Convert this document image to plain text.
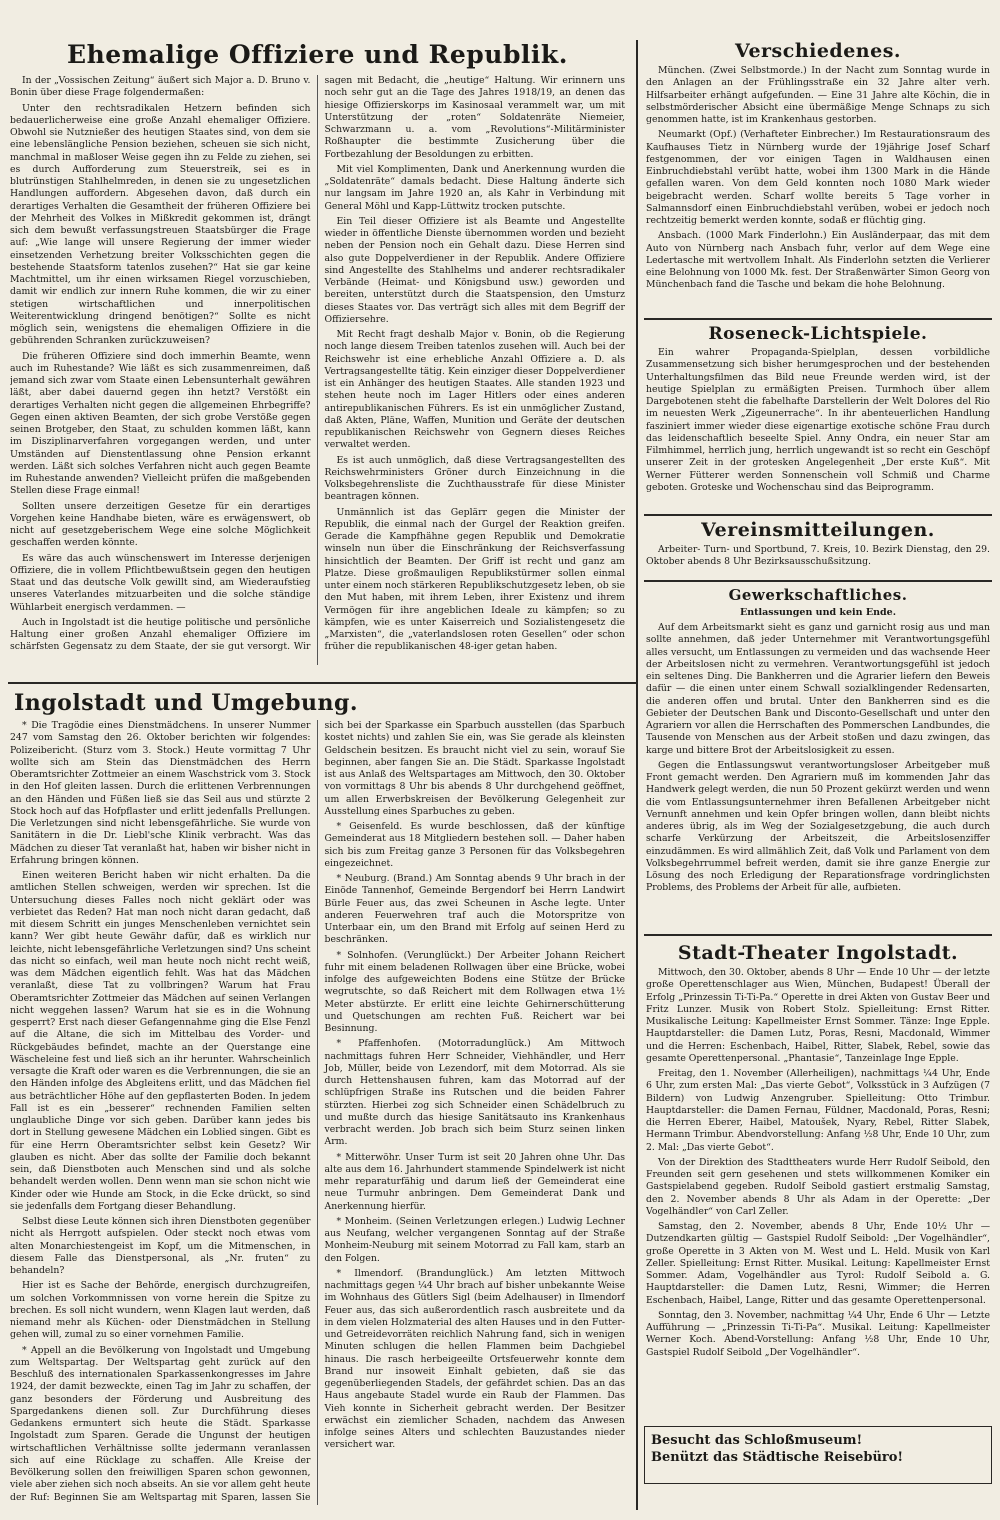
Ehemalige Offiziere und Republik.

In der „Vossischen Zeitung“ äußert sich Major a. D. Bruno v. Bonin über diese Frage folgendermaßen:

Unter den rechtsradikalen Hetzern befinden sich bedauerlicherweise eine große Anzahl ehemaliger Offiziere. Obwohl sie Nutznießer des heutigen Staates sind, von dem sie eine lebenslängliche Pension beziehen, scheuen sie sich nicht, manchmal in maßloser Weise gegen ihn zu Felde zu ziehen, sei es durch Aufforderung zum Steuerstreik, sei es in blutrünstigen Stahlhelmreden, in denen sie zu ungesetzlichen Handlungen auffordern. Abgesehen davon, daß durch ein derartiges Verhalten die Gesamtheit der früheren Offiziere bei der Mehrheit des Volkes in Mißkredit gekommen ist, drängt sich dem bewußt verfassungstreuen Staatsbürger die Frage auf: „Wie lange will unsere Regierung der immer wieder einsetzenden Verhetzung breiter Volksschichten gegen die bestehende Staatsform tatenlos zusehen?“ Hat sie gar keine Machtmittel, um ihr einen wirksamen Riegel vorzuschieben, damit wir endlich zur innern Ruhe kommen, die wir zu einer stetigen wirtschaftlichen und innerpolitischen Weiterentwicklung dringend benötigen?“ Sollte es nicht möglich sein, wenigstens die ehemaligen Offiziere in die gebührenden Schranken zurückzuweisen?

Die früheren Offiziere sind doch immerhin Beamte, wenn auch im Ruhestande? Wie läßt es sich zusammenreimen, daß jemand sich zwar vom Staate einen Lebensunterhalt gewähren läßt, aber dabei dauernd gegen ihn hetzt? Verstößt ein derartiges Verhalten nicht gegen die allgemeinen Ehrbegriffe? Gegen einen aktiven Beamten, der sich grobe Verstöße gegen seinen Brotgeber, den Staat, zu schulden kommen läßt, kann im Disziplinarverfahren vorgegangen werden, und unter Umständen auf Dienstentlassung ohne Pension erkannt werden. Läßt sich solches Verfahren nicht auch gegen Beamte im Ruhestande anwenden? Vielleicht prüfen die maßgebenden Stellen diese Frage einmal!

Sollten unsere derzeitigen Gesetze für ein derartiges Vorgehen keine Handhabe bieten, wäre es erwägenswert, ob nicht auf gesetzgeberischem Wege eine solche Möglichkeit geschaffen werden könnte.

Es wäre das auch wünschenswert im Interesse derjenigen Offiziere, die in vollem Pflichtbewußtsein gegen den heutigen Staat und das deutsche Volk gewillt sind, am Wiederaufstieg unseres Vaterlandes mitzuarbeiten und die solche ständige Wühlarbeit energisch verdammen. —

Auch in Ingolstadt ist die heutige politische und persönliche Haltung einer großen Anzahl ehemaliger Offiziere im schärfsten Gegensatz zu dem Staate, der sie gut versorgt. Wir sagen mit Bedacht, die „heutige“ Haltung. Wir erinnern uns noch sehr gut an die Tage des Jahres 1918/19, an denen das hiesige Offizierskorps im Kasinosaal verammelt war, um mit Unterstützung der „roten“ Soldatenräte Niemeier, Schwarzmann u. a. vom „Revolutions“-Militärminister Roßhaupter die bestimmte Zusicherung über die Fortbezahlung der Besoldungen zu erbitten.

Mit viel Komplimenten, Dank und Anerkennung wurden die „Soldatenräte“ damals bedacht. Diese Haltung änderte sich nur langsam im Jahre 1920 an, als Kahr in Verbindung mit General Möhl und Kapp-Lüttwitz trocken putschte.

Ein Teil dieser Offiziere ist als Beamte und Angestellte wieder in öffentliche Dienste übernommen worden und bezieht neben der Pension noch ein Gehalt dazu. Diese Herren sind also gute Doppelverdiener in der Republik. Andere Offiziere sind Angestellte des Stahlhelms und anderer rechtsradikaler Verbände (Heimat- und Königsbund usw.) geworden und bereiten, unterstützt durch die Staatspension, den Umsturz dieses Staates vor. Das verträgt sich alles mit dem Begriff der Offiziersehre.

Mit Recht fragt deshalb Major v. Bonin, ob die Regierung noch lange diesem Treiben tatenlos zusehen will. Auch bei der Reichswehr ist eine erhebliche Anzahl Offiziere a. D. als Vertragsangestellte tätig. Kein einziger dieser Doppelverdiener ist ein Anhänger des heutigen Staates. Alle standen 1923 und stehen heute noch im Lager Hitlers oder eines anderen antirepublikanischen Führers. Es ist ein unmöglicher Zustand, daß Akten, Pläne, Waffen, Munition und Geräte der deutschen republikanischen Reichswehr von Gegnern dieses Reiches verwaltet werden.

Es ist auch unmöglich, daß diese Vertragsangestellten des Reichswehrministers Gröner durch Einzeichnung in die Volksbegehrensliste die Zuchthausstrafe für diese Minister beantragen können.

Unmännlich ist das Geplärr gegen die Minister der Republik, die einmal nach der Gurgel der Reaktion greifen. Gerade die Kampfhähne gegen Republik und Demokratie winseln nun über die Einschränkung der Reichsverfassung hinsichtlich der Beamten. Der Griff ist recht und ganz am Platze. Diese großmauligen Republikstürmer sollen einmal unter einem noch stärkeren Republikschutzgesetz leben, ob sie den Mut haben, mit ihrem Leben, ihrer Existenz und ihrem Vermögen für ihre angeblichen Ideale zu kämpfen; so zu kämpfen, wie es unter Kaiserreich und Sozialistengesetz die „Marxisten“, die „vaterlandslosen roten Gesellen“ oder schon früher die republikanischen 48-iger getan haben.

Ingolstadt und Umgebung.

* Die Tragödie eines Dienstmädchens. In unserer Nummer 247 vom Samstag den 26. Oktober berichten wir folgendes: Polizeibericht. (Sturz vom 3. Stock.) Heute vormittag 7 Uhr wollte sich am Stein das Dienstmädchen des Herrn Oberamtsrichter Zottmeier an einem Waschstrick vom 3. Stock in den Hof gleiten lassen. Durch die erlittenen Verbrennungen an den Händen und Füßen ließ sie das Seil aus und stürzte 2 Stock hoch auf das Hofpflaster und erlitt jedenfalls Prellungen. Die Verletzungen sind nicht lebensgefährliche. Sie wurde von Sanitätern in die Dr. Liebl'sche Klinik verbracht. Was das Mädchen zu dieser Tat veranlaßt hat, haben wir bisher nicht in Erfahrung bringen können.

Einen weiteren Bericht haben wir nicht erhalten. Da die amtlichen Stellen schweigen, werden wir sprechen. Ist die Untersuchung dieses Falles noch nicht geklärt oder was verbietet das Reden? Hat man noch nicht daran gedacht, daß mit diesem Schritt ein junges Menschenleben vernichtet sein kann? Wer gibt heute Gewähr dafür, daß es wirklich nur leichte, nicht lebensgefährliche Verletzungen sind? Uns scheint das nicht so einfach, weil man heute noch nicht recht weiß, was dem Mädchen eigentlich fehlt. Was hat das Mädchen veranlaßt, diese Tat zu vollbringen? Warum hat Frau Oberamtsrichter Zottmeier das Mädchen auf seinen Verlangen nicht weggehen lassen? Warum hat sie es in die Wohnung gesperrt? Erst nach dieser Gefangennahme ging die Else Fenzl auf die Altane, die sich im Mittelbau des Vorder- und Rückgebäudes befindet, machte an der Querstange eine Wäscheleine fest und ließ sich an ihr herunter. Wahrscheinlich versagte die Kraft oder waren es die Verbrennungen, die sie an den Händen infolge des Abgleitens erlitt, und das Mädchen fiel aus beträchtlicher Höhe auf den gepflasterten Boden. In jedem Fall ist es ein „besserer“ rechnenden Familien selten unglaubliche Dinge vor sich geben. Darüber kann jedes bis dort in Stellung gewesene Mädchen ein Loblied singen. Gibt es für eine Herrn Oberamtsrichter selbst kein Gesetz? Wir glauben es nicht. Aber das sollte der Familie doch bekannt sein, daß Dienstboten auch Menschen sind und als solche behandelt werden wollen. Denn wenn man sie schon nicht wie Kinder oder wie Hunde am Stock, in die Ecke drückt, so sind sie jedenfalls dem Fortgang dieser Behandlung.

Selbst diese Leute können sich ihren Dienstboten gegenüber nicht als Herrgott aufspielen. Oder steckt noch etwas vom alten Monarchiestengeist im Kopf, um die Mitmenschen, in diesem Falle das Dienstpersonal, als „Nr. fruten“ zu behandeln?

Hier ist es Sache der Behörde, energisch durchzugreifen, um solchen Vorkommnissen von vorne herein die Spitze zu brechen. Es soll nicht wundern, wenn Klagen laut werden, daß niemand mehr als Küchen- oder Dienstmädchen in Stellung gehen will, zumal zu so einer vornehmen Familie.

* Appell an die Bevölkerung von Ingolstadt und Umgebung zum Weltspartag. Der Weltspartag geht zurück auf den Beschluß des internationalen Sparkassenkongresses im Jahre 1924, der damit bezweckte, einen Tag im Jahr zu schaffen, der ganz besonders der Förderung und Ausbreitung des Spargedankens dienen soll. Zur Durchführung dieses Gedankens ermuntert sich heute die Städt. Sparkasse Ingolstadt zum Sparen. Gerade die Ungunst der heutigen wirtschaftlichen Verhältnisse sollte jedermann veranlassen sich auf eine Rücklage zu schaffen. Alle Kreise der Bevölkerung sollen den freiwilligen Sparen schon gewonnen, viele aber ziehen sich noch abseits. An sie vor allem geht heute der Ruf: Beginnen Sie am Weltspartag mit Sparen, lassen Sie sich bei der Sparkasse ein Sparbuch ausstellen (das Sparbuch kostet nichts) und zahlen Sie ein, was Sie gerade als kleinsten Geldschein besitzen. Es braucht nicht viel zu sein, worauf Sie beginnen, aber fangen Sie an. Die Städt. Sparkasse Ingolstadt ist aus Anlaß des Weltspartages am Mittwoch, den 30. Oktober von vormittags 8 Uhr bis abends 8 Uhr durchgehend geöffnet, um allen Erwerbskreisen der Bevölkerung Gelegenheit zur Ausstellung eines Sparbuches zu geben.

* Geisenfeld. Es wurde beschlossen, daß der künftige Gemeinderat aus 18 Mitgliedern bestehen soll. — Daher haben sich bis zum Freitag ganze 3 Personen für das Volksbegehren eingezeichnet.

* Neuburg. (Brand.) Am Sonntag abends 9 Uhr brach in der Einöde Tannenhof, Gemeinde Bergendorf bei Herrn Landwirt Bürle Feuer aus, das zwei Scheunen in Asche legte. Unter anderen Feuerwehren traf auch die Motorspritze von Unterbaar ein, um den Brand mit Erfolg auf seinen Herd zu beschränken.

* Solnhofen. (Verunglückt.) Der Arbeiter Johann Reichert fuhr mit einem beladenen Rollwagen über eine Brücke, wobei infolge des aufgeweichten Bodens eine Stütze der Brücke wegrutschte, so daß Reichert mit dem Rollwagen etwa 1½ Meter abstürzte. Er erlitt eine leichte Gehirnerschütterung und Quetschungen am rechten Fuß. Reichert war bei Besinnung.

* Pfaffenhofen. (Motorradunglück.) Am Mittwoch nachmittags fuhren Herr Schneider, Viehhändler, und Herr Job, Müller, beide von Lezendorf, mit dem Motorrad. Als sie durch Hettenshausen fuhren, kam das Motorrad auf der schlüpfrigen Straße ins Rutschen und die beiden Fahrer stürzten. Hierbei zog sich Schneider einen Schädelbruch zu und mußte durch das hiesige Sanitätsauto ins Krankenhaus verbracht werden. Job brach sich beim Sturz seinen linken Arm.

* Mitterwöhr. Unser Turm ist seit 20 Jahren ohne Uhr. Das alte aus dem 16. Jahrhundert stammende Spindelwerk ist nicht mehr reparaturfähig und darum ließ der Gemeinderat eine neue Turmuhr anbringen. Dem Gemeinderat Dank und Anerkennung hierfür.

* Monheim. (Seinen Verletzungen erlegen.) Ludwig Lechner aus Neufang, welcher vergangenen Sonntag auf der Straße Monheim-Neuburg mit seinem Motorrad zu Fall kam, starb an den Folgen.

* Ilmendorf. (Brandunglück.) Am letzten Mittwoch nachmittags gegen ¼4 Uhr brach auf bisher unbekannte Weise im Wohnhaus des Gütlers Sigl (beim Adelhauser) in Ilmendorf Feuer aus, das sich außerordentlich rasch ausbreitete und da in dem vielen Holzmaterial des alten Hauses und in den Futter- und Getreidevorräten reichlich Nahrung fand, sich in wenigen Minuten schlugen die hellen Flammen beim Dachgiebel hinaus. Die rasch herbeigeeilte Ortsfeuerwehr konnte dem Brand nur insoweit Einhalt gebieten, daß sie das gegenüberliegenden Stadels, der gefährdet schien. Das an das Haus angebaute Stadel wurde ein Raub der Flammen. Das Vieh konnte in Sicherheit gebracht werden. Der Besitzer erwächst ein ziemlicher Schaden, nachdem das Anwesen infolge seines Alters und schlechten Bauzustandes nieder versichert war.

Verschiedenes.

München. (Zwei Selbstmorde.) In der Nacht zum Sonntag wurde in den Anlagen an der Frühlingsstraße ein 32 Jahre alter verh. Hilfsarbeiter erhängt aufgefunden. — Eine 31 Jahre alte Köchin, die in selbstmörderischer Absicht eine übermäßige Menge Schnaps zu sich genommen hatte, ist im Krankenhaus gestorben.

Neumarkt (Opf.) (Verhafteter Einbrecher.) Im Restaurationsraum des Kaufhauses Tietz in Nürnberg wurde der 19jährige Josef Scharf festgenommen, der vor einigen Tagen in Waldhausen einen Einbruchdiebstahl verübt hatte, wobei ihm 1300 Mark in die Hände gefallen waren. Von dem Geld konnten noch 1080 Mark wieder beigebracht werden. Scharf wollte bereits 5 Tage vorher in Salmannsdorf einen Einbruchdiebstahl verüben, wobei er jedoch noch rechtzeitig bemerkt werden konnte, sodaß er flüchtig ging.

Ansbach. (1000 Mark Finderlohn.) Ein Ausländerpaar, das mit dem Auto von Nürnberg nach Ansbach fuhr, verlor auf dem Wege eine Ledertasche mit wertvollem Inhalt. Als Finderlohn setzten die Verlierer eine Belohnung von 1000 Mk. fest. Der Straßenwärter Simon Georg von Münchenbach fand die Tasche und bekam die hohe Belohnung.

Roseneck-Lichtspiele.

Ein wahrer Propaganda-Spielplan, dessen vorbildliche Zusammensetzung sich bisher herumgesprochen und der bestehenden Unterhaltungsfilmen das Bild neue Freunde werden wird, ist der heutige Spielplan zu ermäßigten Preisen. Turmhoch über allem Dargebotenen steht die fabelhafte Darstellerin der Welt Dolores del Rio im neuesten Werk „Zigeunerrache“. In ihr abenteuerlichen Handlung fasziniert immer wieder diese eigenartige exotische schöne Frau durch das leidenschaftlich beseelte Spiel. Anny Ondra, ein neuer Star am Filmhimmel, herrlich jung, herrlich ungewandt ist so recht ein Geschöpf unserer Zeit in der grotesken Angelegenheit „Der erste Kuß“. Mit Werner Fütterer werden Sonnenschein voll Schmiß und Charme geboten. Groteske und Wochenschau sind das Beiprogramm.

Vereinsmitteilungen.

Arbeiter- Turn- und Sportbund, 7. Kreis, 10. Bezirk Dienstag, den 29. Oktober abends 8 Uhr Bezirksausschußsitzung.

Gewerkschaftliches.
Entlassungen und kein Ende.

Auf dem Arbeitsmarkt sieht es ganz und garnicht rosig aus und man sollte annehmen, daß jeder Unternehmer mit Verantwortungsgefühl alles versucht, um Entlassungen zu vermeiden und das wachsende Heer der Arbeitslosen nicht zu vermehren. Verantwortungsgefühl ist jedoch ein seltenes Ding. Die Bankherren und die Agrarier liefern den Beweis dafür — die einen unter einem Schwall sozialklingender Redensarten, die anderen offen und brutal. Unter den Bankherren sind es die Gebieter der Deutschen Bank und Disconto-Gesellschaft und unter den Agrariern vor allen die Herrschaften des Pommerschen Landbundes, die Tausende von Menschen aus der Arbeit stoßen und dazu zwingen, das karge und bittere Brot der Arbeitslosigkeit zu essen.

Gegen die Entlassungswut verantwortungsloser Arbeitgeber muß Front gemacht werden. Den Agrariern muß im kommenden Jahr das Handwerk gelegt werden, die nun 50 Prozent gekürzt werden und wenn die vom Entlassungsunternehmer ihren Befallenen Arbeitgeber nicht Vernunft annehmen und kein Opfer bringen wollen, dann bleibt nichts anderes übrig, als im Weg der Sozialgesetzgebung, die auch durch scharfe Verkürzung der Arbeitszeit, die Arbeitslosenziffer einzudämmen. Es wird allmählich Zeit, daß Volk und Parlament von dem Volksbegehrrummel befreit werden, damit sie ihre ganze Energie zur Lösung des noch Erledigung der Reparationsfrage vordringlichsten Problems, des Problems der Arbeit für alle, aufbieten.

Stadt-Theater Ingolstadt.

Mittwoch, den 30. Oktober, abends 8 Uhr — Ende 10 Uhr — der letzte große Operettenschlager aus Wien, München, Budapest! Überall der Erfolg „Prinzessin Ti-Ti-Pa.“ Operette in drei Akten von Gustav Beer und Fritz Lunzer. Musik von Robert Stolz. Spielleitung: Ernst Ritter. Musikalische Leitung: Kapellmeister Ernst Sommer. Tänze: Inge Epple. Hauptdarsteller: die Damen Lutz, Poras, Resni, Macdonald, Wimmer und die Herren: Eschenbach, Haibel, Ritter, Slabek, Rebel, sowie das gesamte Operettenpersonal. „Phantasie“, Tanzeinlage Inge Epple.

Freitag, den 1. November (Allerheiligen), nachmittags ¼4 Uhr, Ende 6 Uhr, zum ersten Mal: „Das vierte Gebot“, Volksstück in 3 Aufzügen (7 Bildern) von Ludwig Anzengruber. Spielleitung: Otto Trimbur. Hauptdarsteller: die Damen Fernau, Füldner, Macdonald, Poras, Resni; die Herren Eberer, Haibel, Matoušek, Nyary, Rebel, Ritter Slabek, Hermann Trimbur. Abendvorstellung: Anfang ½8 Uhr, Ende 10 Uhr, zum 2. Mal: „Das vierte Gebot“.

Von der Direktion des Stadttheaters wurde Herr Rudolf Seibold, den Freunden seit gern gesehenen und stets willkommenen Komiker ein Gastspielabend gegeben. Rudolf Seibold gastiert erstmalig Samstag, den 2. November abends 8 Uhr als Adam in der Operette: „Der Vogelhändler“ von Carl Zeller.

Samstag, den 2. November, abends 8 Uhr, Ende 10½ Uhr — Dutzendkarten gültig — Gastspiel Rudolf Seibold: „Der Vogelhändler“, große Operette in 3 Akten von M. West und L. Held. Musik von Karl Zeller. Spielleitung: Ernst Ritter. Musikal. Leitung: Kapellmeister Ernst Sommer. Adam, Vogelhändler aus Tyrol: Rudolf Seibold a. G. Hauptdarsteller: die Damen Lutz, Resni, Wimmer; die Herren Eschenbach, Haibel, Lange, Ritter und das gesamte Operettenpersonal.

Sonntag, den 3. November, nachmittag ¼4 Uhr, Ende 6 Uhr — Letzte Aufführung — „Prinzessin Ti-Ti-Pa“. Musikal. Leitung: Kapellmeister Werner Koch. Abend-Vorstellung: Anfang ½8 Uhr, Ende 10 Uhr, Gastspiel Rudolf Seibold „Der Vogelhändler“.

Besucht das Schloßmuseum!
Benützt das Städtische Reisebüro!
